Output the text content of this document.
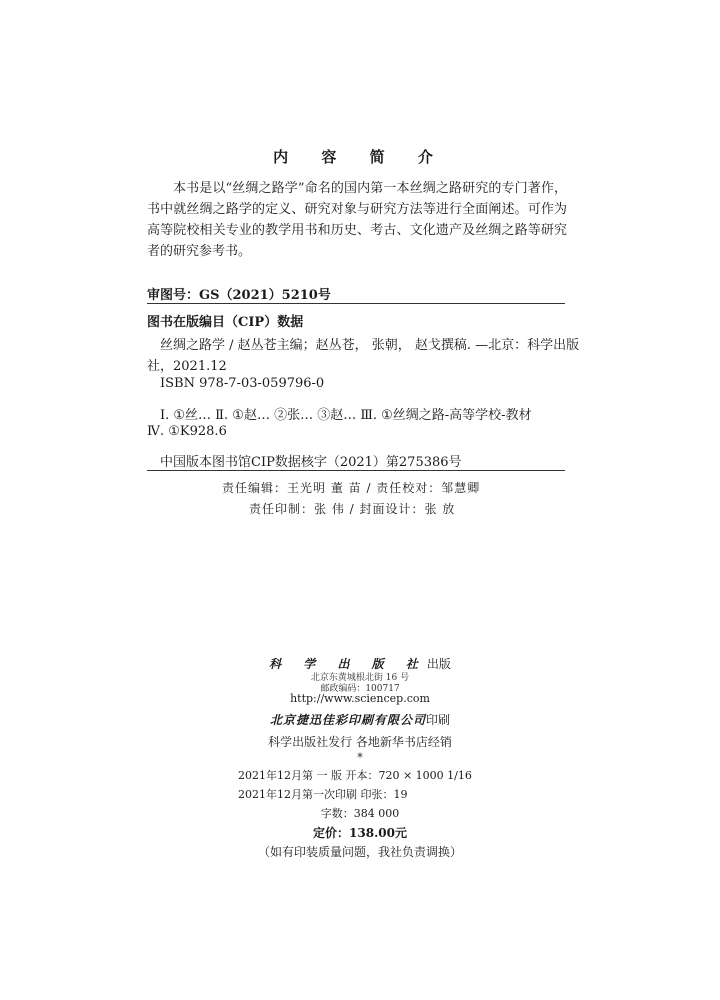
内 容 简 介

本书是以“丝绸之路学”命名的国内第一本丝绸之路研究的专门著作，书中就丝绸之路学的定义、研究对象与研究方法等进行全面阐述。可作为高等院校相关专业的教学用书和历史、考古、文化遗产及丝绸之路等研究者的研究参考书。

审图号：GS（2021）5210号
图书在版编目（CIP）数据
丝绸之路学 / 赵丛苍主编；赵丛苍， 张朝， 赵戈撰稿. —北京：科学出版
社，2021.12
ISBN 978-7-03-059796-0
Ⅰ. ①丝… Ⅱ. ①赵… ②张… ③赵… Ⅲ. ①丝绸之路-高等学校-教材
Ⅳ. ①K928.6
中国版本图书馆CIP数据核字（2021）第275386号
责任编辑：王光明 董 苗 / 责任校对：邹慧卿
责任印制：张 伟 / 封面设计：张 放
科 学 出 版 社出版
北京东黄城根北街 16 号
邮政编码：100717
http://www.sciencep.com
北京捷迅佳彩印刷有限公司印刷
科学出版社发行 各地新华书店经销
*
2021年12月第 一 版 开本：720 × 1000 1/16
2021年12月第一次印刷 印张：19
字数：384 000
定价：138.00元
（如有印装质量问题，我社负责调换）
